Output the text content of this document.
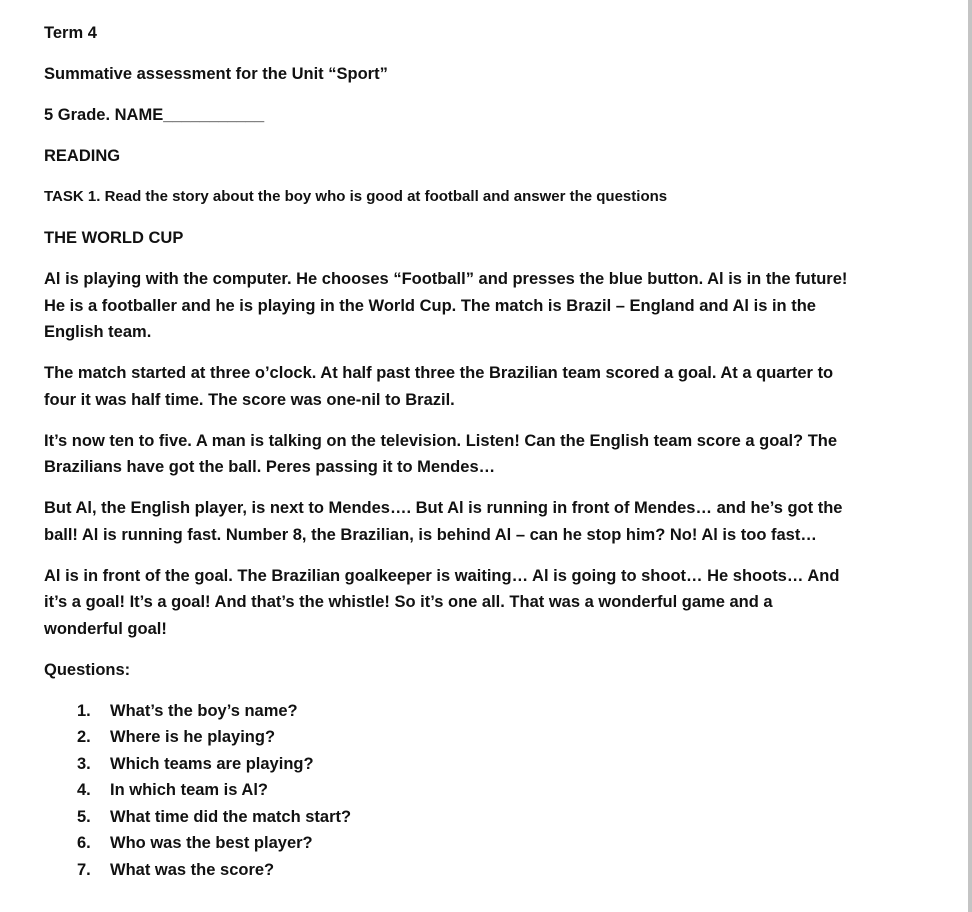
Term 4
Summative assessment for the Unit “Sport”
5 Grade. NAME___________
READING
TASK 1. Read the story about the boy who is good at football and answer the questions
THE WORLD CUP
Al is playing with the computer. He chooses “Football” and presses the blue button. Al is in the future!
He is a footballer and he is playing in the World Cup. The match is Brazil – England and Al is in the
English team.
The match started at three o’clock. At half past three the Brazilian team scored a goal. At a quarter to
four it was half time. The score was one-nil to Brazil.
It’s now ten to five. A man is talking on the television. Listen! Can the English team score a goal? The
Brazilians have got the ball. Peres passing it to Mendes…
But Al, the English player, is next to Mendes…. But Al is running in front of Mendes… and he’s got the
ball! Al is running fast. Number 8, the Brazilian, is behind Al – can he stop him? No! Al is too fast…
Al is in front of the goal. The Brazilian goalkeeper is waiting… Al is going to shoot… He shoots… And
it’s a goal! It’s a goal! And that’s the whistle! So it’s one all. That was a wonderful game and a
wonderful goal!
Questions:
1. What’s the boy’s name?
2. Where is he playing?
3. Which teams are playing?
4. In which team is Al?
5. What time did the match start?
6. Who was the best player?
7. What was the score?
